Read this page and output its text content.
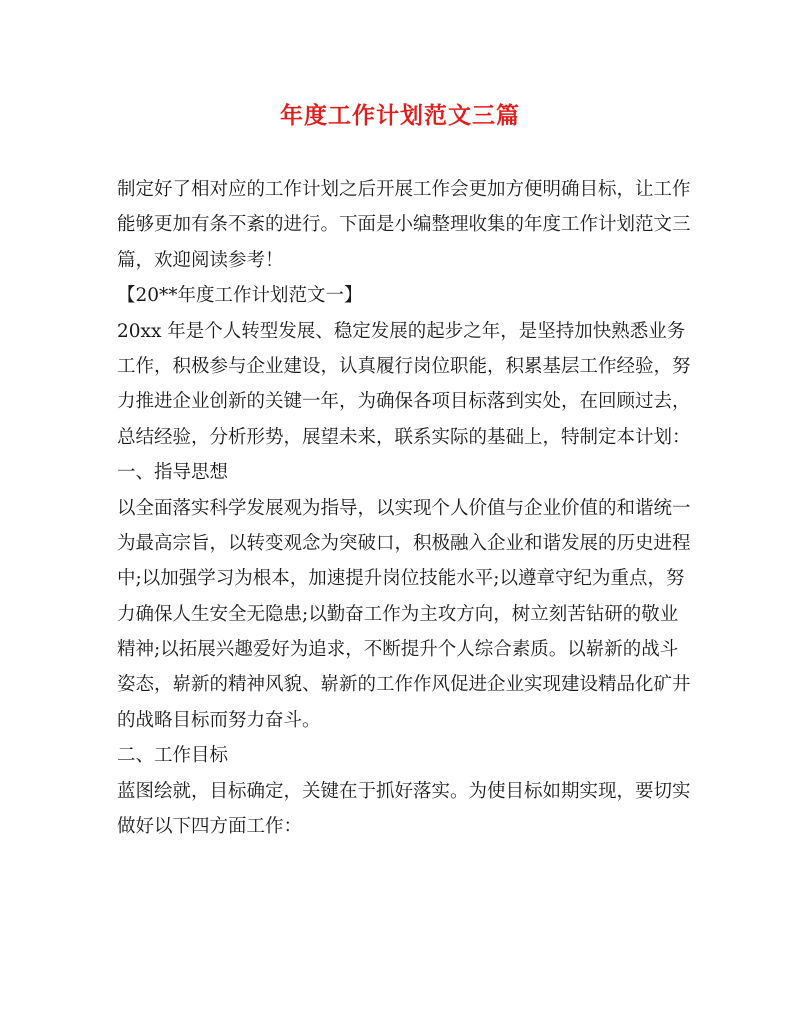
年度工作计划范文三篇
制定好了相对应的工作计划之后开展工作会更加方便明确目标，让工作
能够更加有条不紊的进行。下面是小编整理收集的年度工作计划范文三
篇，欢迎阅读参考！
【20**年度工作计划范文一】
20xx 年是个人转型发展、稳定发展的起步之年，是坚持加快熟悉业务
工作，积极参与企业建设，认真履行岗位职能，积累基层工作经验，努
力推进企业创新的关键一年，为确保各项目标落到实处，在回顾过去，
总结经验，分析形势，展望未来，联系实际的基础上，特制定本计划：
一、指导思想
以全面落实科学发展观为指导，以实现个人价值与企业价值的和谐统一
为最高宗旨，以转变观念为突破口，积极融入企业和谐发展的历史进程
中;以加强学习为根本，加速提升岗位技能水平;以遵章守纪为重点，努
力确保人生安全无隐患;以勤奋工作为主攻方向，树立刻苦钻研的敬业
精神;以拓展兴趣爱好为追求，不断提升个人综合素质。以崭新的战斗
姿态，崭新的精神风貌、崭新的工作作风促进企业实现建设精品化矿井
的战略目标而努力奋斗。
二、工作目标
蓝图绘就，目标确定，关键在于抓好落实。为使目标如期实现，要切实
做好以下四方面工作：
